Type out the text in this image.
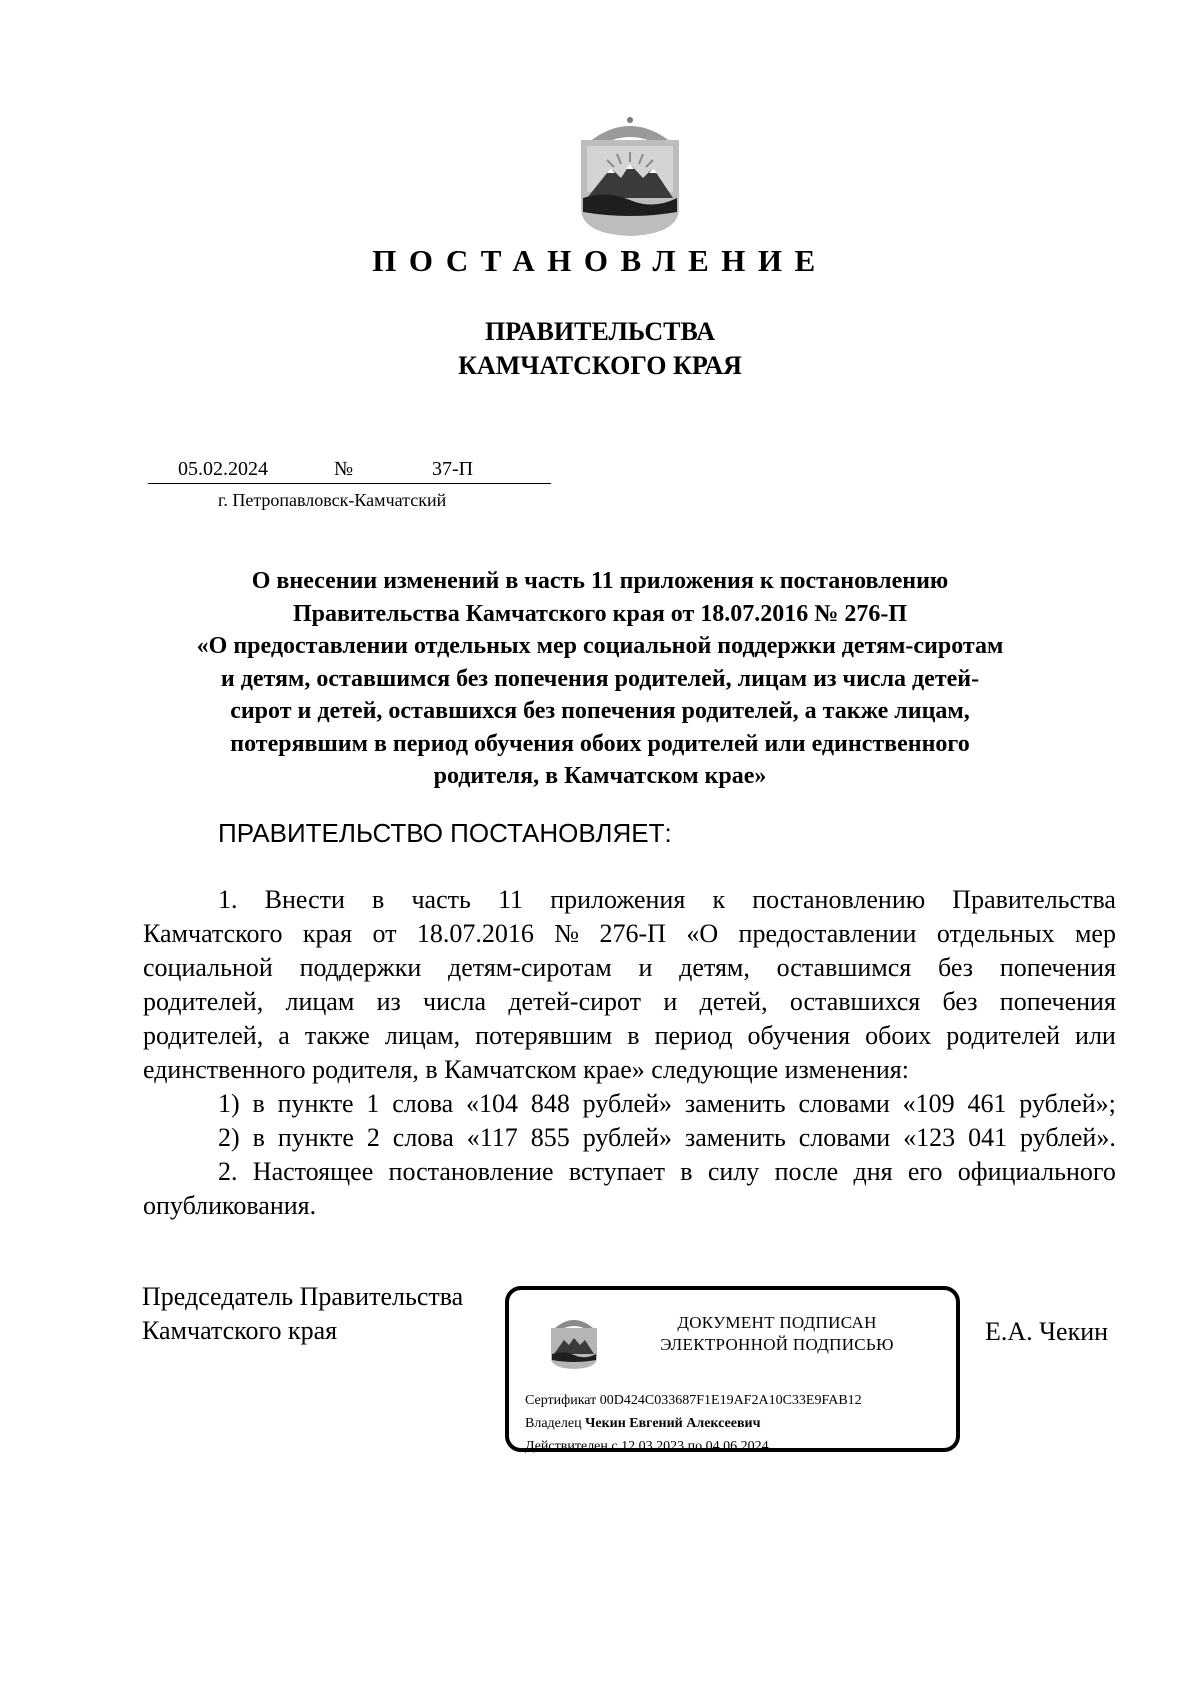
ПОСТАНОВЛЕНИЕ
ПРАВИТЕЛЬСТВА
КАМЧАТСКОГО КРАЯ
05.02.2024	№	37-П
г. Петропавловск-Камчатский
О внесении изменений в часть 11 приложения к постановлению
Правительства Камчатского края от 18.07.2016 № 276-П
«О предоставлении отдельных мер социальной поддержки детям-сиротам
и детям, оставшимся без попечения родителей, лицам из числа детей-
сирот и детей, оставшихся без попечения родителей, а также лицам,
потерявшим в период обучения обоих родителей или единственного
родителя, в Камчатском крае»
ПРАВИТЕЛЬСТВО ПОСТАНОВЛЯЕТ:
1. Внести в часть 11 приложения к постановлению Правительства
Камчатского края от 18.07.2016 № 276-П «О предоставлении отдельных мер
социальной поддержки детям-сиротам и детям, оставшимся без попечения
родителей, лицам из числа детей-сирот и детей, оставшихся без попечения
родителей, а также лицам, потерявшим в период обучения обоих родителей или
единственного родителя, в Камчатском крае» следующие изменения:
1) в пункте 1 слова «104 848 рублей» заменить словами «109 461 рублей»;
2) в пункте 2 слова «117 855 рублей» заменить словами «123 041 рублей».
2. Настоящее постановление вступает в силу после дня его официального
опубликования.
Председатель Правительства
Камчатского края	ДОКУМЕНТ ПОДПИСАН
ЭЛЕКТРОННОЙ ПОДПИСЬЮ
Сертификат 00D424C033687F1E19AF2A10C33E9FAB12
Владелец Чекин Евгений Алексеевич
Действителен с 12.03.2023 по 04.06.2024
Е.А. Чекин
